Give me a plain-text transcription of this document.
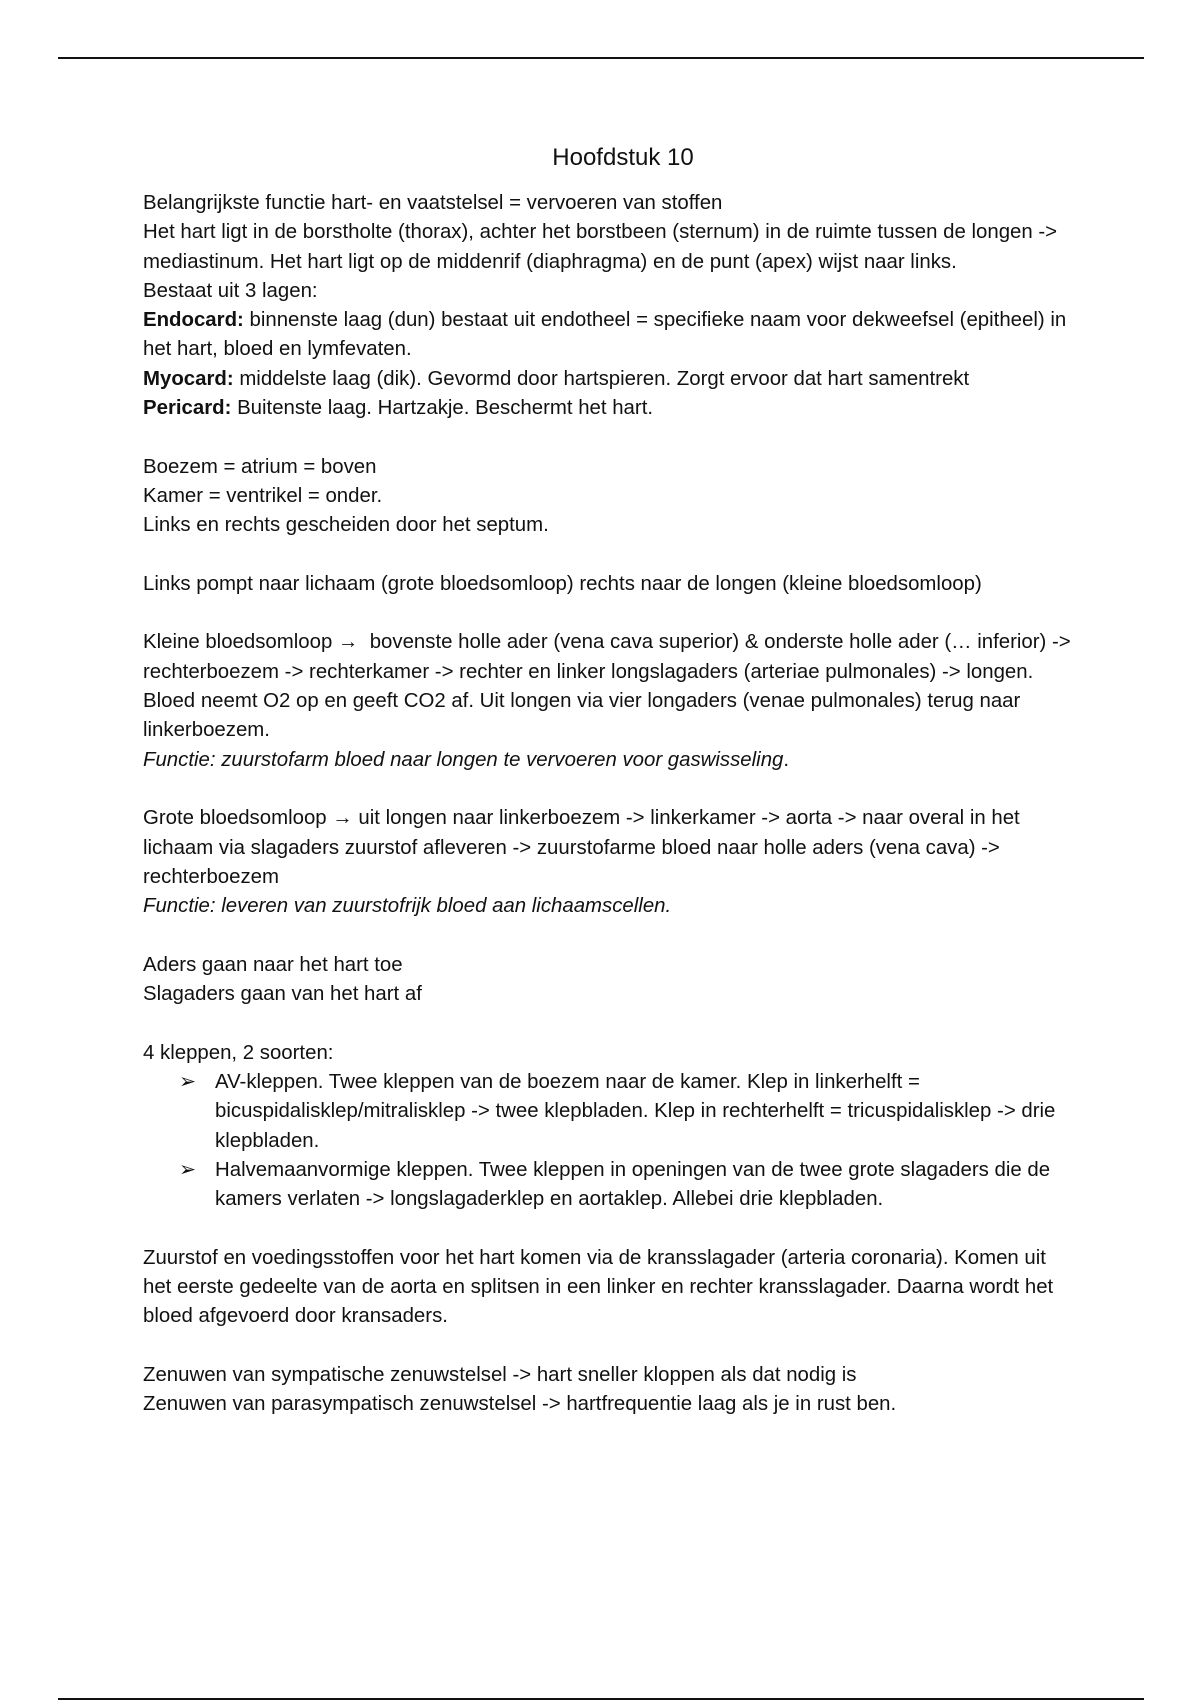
Hoofdstuk 10

Belangrijkste functie hart- en vaatstelsel = vervoeren van stoffen

Het hart ligt in de borstholte (thorax), achter het borstbeen (sternum) in de ruimte tussen de longen -> mediastinum. Het hart ligt op de middenrif (diaphragma) en de punt (apex) wijst naar links.

Bestaat uit 3 lagen:

Endocard: binnenste laag (dun) bestaat uit endotheel = specifieke naam voor dekweefsel (epitheel) in het hart, bloed en lymfevaten.

Myocard: middelste laag (dik). Gevormd door hartspieren. Zorgt ervoor dat hart samentrekt

Pericard: Buitenste laag. Hartzakje. Beschermt het hart.

Boezem = atrium = boven

Kamer = ventrikel = onder.

Links en rechts gescheiden door het septum.

Links pompt naar lichaam (grote bloedsomloop) rechts naar de longen (kleine bloedsomloop)

Kleine bloedsomloop →  bovenste holle ader (vena cava superior) & onderste holle ader (… inferior) -> rechterboezem -> rechterkamer -> rechter en linker longslagaders (arteriae pulmonales) -> longen. Bloed neemt O2 op en geeft CO2 af. Uit longen via vier longaders (venae pulmonales) terug naar linkerboezem.

Functie: zuurstofarm bloed naar longen te vervoeren voor gaswisseling.

Grote bloedsomloop → uit longen naar linkerboezem -> linkerkamer -> aorta -> naar overal in het lichaam via slagaders zuurstof afleveren -> zuurstofarme bloed naar holle aders (vena cava) -> rechterboezem

Functie: leveren van zuurstofrijk bloed aan lichaamscellen.

Aders gaan naar het hart toe

Slagaders gaan van het hart af

4 kleppen, 2 soorten:

➢ AV-kleppen. Twee kleppen van de boezem naar de kamer. Klep in linkerhelft = bicuspidalisklep/mitralisklep -> twee klepbladen. Klep in rechterhelft = tricuspidalisklep -> drie klepbladen.
➢ Halvemaanvormige kleppen. Twee kleppen in openingen van de twee grote slagaders die de kamers verlaten -> longslagaderklep en aortaklep. Allebei drie klepbladen.

Zuurstof en voedingsstoffen voor het hart komen via de kransslagader (arteria coronaria). Komen uit het eerste gedeelte van de aorta en splitsen in een linker en rechter kransslagader. Daarna wordt het bloed afgevoerd door kransaders.

Zenuwen van sympatische zenuwstelsel -> hart sneller kloppen als dat nodig is

Zenuwen van parasympatisch zenuwstelsel -> hartfrequentie laag als je in rust ben.
